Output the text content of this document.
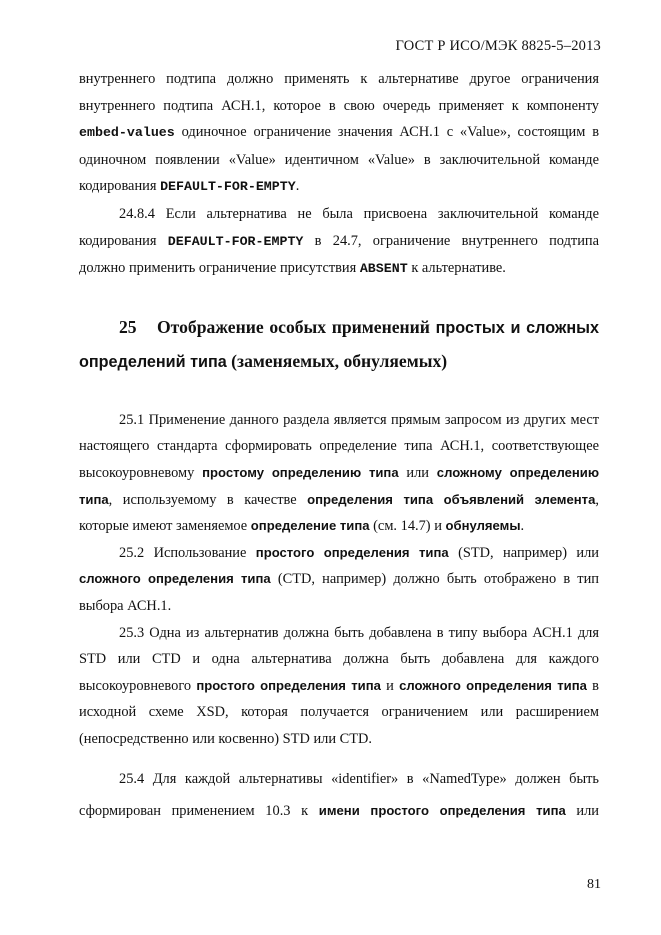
ГОСТ Р ИСО/МЭК 8825-5–2013

внутреннего подтипа должно применять к альтернативе другое ограничения внутреннего подтипа АСН.1, которое в свою очередь применяет к компоненту embed-values одиночное ограничение значения АСН.1 с «Value», состоящим в одиночном появлении «Value» идентичном «Value» в заключительной команде кодирования DEFAULT-FOR-EMPTY.

24.8.4 Если альтернатива не была присвоена заключительной команде кодирования DEFAULT-FOR-EMPTY в 24.7, ограничение внутреннего подтипа должно применить ограничение присутствия ABSENT к альтернативе.

25 Отображение особых применений простых и сложных определений типа (заменяемых, обнуляемых)

25.1 Применение данного раздела является прямым запросом из других мест настоящего стандарта сформировать определение типа АСН.1, соответствующее высокоуровневому простому определению типа или сложному определению типа, используемому в качестве определения типа объявлений элемента, которые имеют заменяемое определение типа (см. 14.7) и обнуляемы.

25.2 Использование простого определения типа (STD, например) или сложного определения типа (CTD, например) должно быть отображено в тип выбора АСН.1.

25.3 Одна из альтернатив должна быть добавлена в типу выбора АСН.1 для STD или CTD и одна альтернатива должна быть добавлена для каждого высокоуровневого простого определения типа и сложного определения типа в исходной схеме XSD, которая получается ограничением или расширением (непосредственно или косвенно) STD или CTD.

25.4 Для каждой альтернативы «identifier» в «NamedType» должен быть сформирован применением 10.3 к имени простого определения типа или

81
